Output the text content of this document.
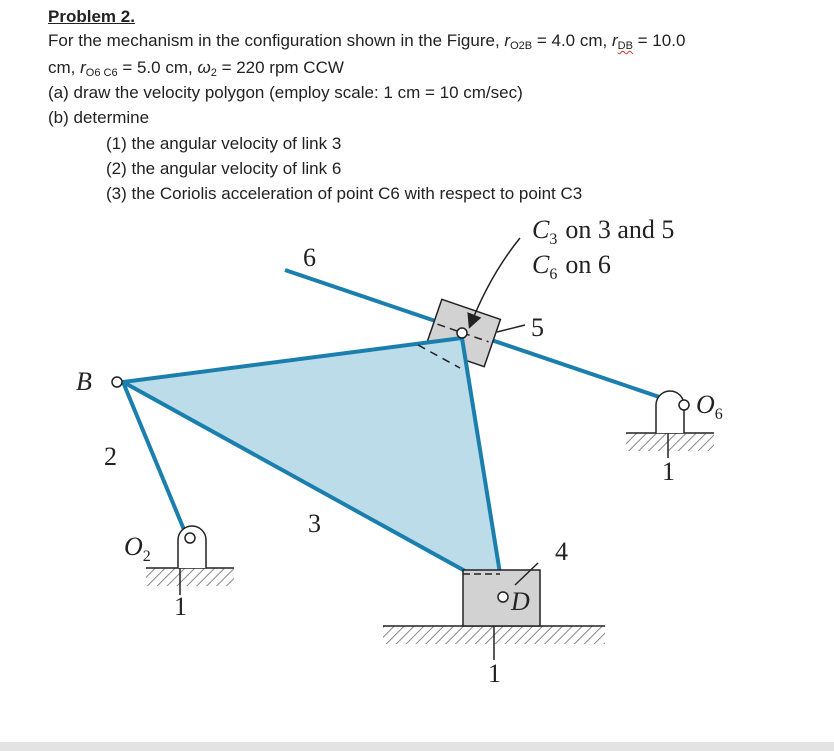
Problem 2.
For the mechanism in the configuration shown in the Figure, $r_{O2B} = 4.0$ cm, $r_{DB} = 10.0$
cm, $r_{O6 C6} = 5.0$ cm, $\omega_2 = 220$ rpm CCW
(a) draw the velocity polygon (employ scale: 1 cm = 10 cm/sec)
(b) determine
(1) the angular velocity of link 3
(2) the angular velocity of link 6
(3) the Coriolis acceleration of point C6 with respect to point C3
C3 on 3 and 5
C6 on 6
6
5
B
O6
1
2
3
O2
1
4
D
1
